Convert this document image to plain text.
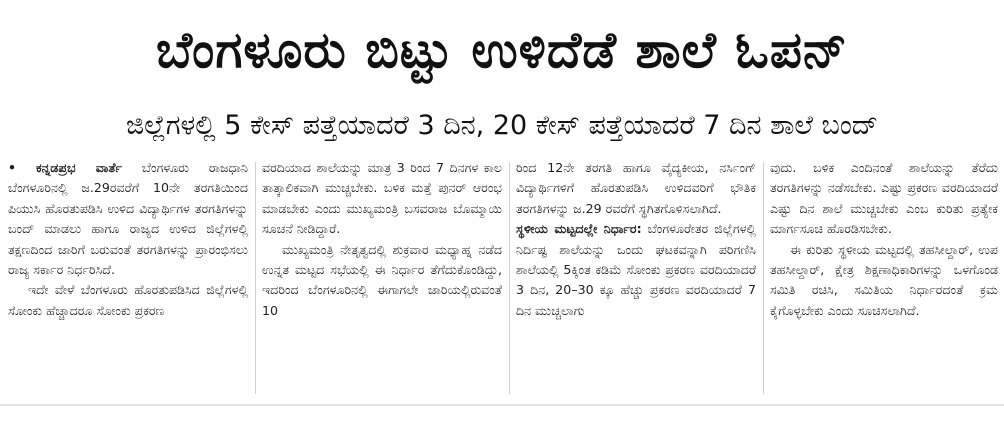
ಬೆಂಗಳೂರು ಬಿಟ್ಟು ಉಳಿದೆಡೆ ಶಾಲೆ ಓಪನ್
ಜಿಲ್ಲೆಗಳಲ್ಲಿ 5 ಕೇಸ್ ಪತ್ತೆಯಾದರೆ 3 ದಿನ, 20 ಕೇಸ್ ಪತ್ತೆಯಾದರೆ 7 ದಿನ ಶಾಲೆ ಬಂದ್

• ಕನ್ನಡಪ್ರಭ ವಾರ್ತೆ ಬೆಂಗಳೂರು ರಾಜಧಾನಿ ಬೆಂಗಳೂರಿನಲ್ಲಿ ಜ.29ರವರೆಗೆ 10ನೇ ತರಗತಿಯಿಂದ ಪಿಯುಸಿ ಹೊರತುಪಡಿಸಿ ಉಳಿದ ವಿದ್ಯಾರ್ಥಿಗಳ ತರಗತಿಗಳನ್ನು ಬಂದ್ ಮಾಡಲು ಹಾಗೂ ರಾಜ್ಯದ ಉಳಿದ ಜಿಲ್ಲೆಗಳಲ್ಲಿ ತಕ್ಷಣದಿಂದ ಜಾರಿಗೆ ಬರುವಂತೆ ತರಗತಿಗಳನ್ನು ಪ್ರಾರಂಭಿಸಲು ರಾಜ್ಯ ಸರ್ಕಾರ ನಿರ್ಧರಿಸಿದೆ.

ಇದೇ ವೇಳೆ ಬೆಂಗಳೂರು ಹೊರತುಪಡಿಸಿದ ಜಿಲ್ಲೆಗಳಲ್ಲಿ ಸೋಂಕು ಹೆಚ್ಚಾದರೂ ಸೋಂಕು ಪ್ರಕರಣ

ವರದಿಯಾದ ಶಾಲೆಯನ್ನು ಮಾತ್ರ 3 ರಿಂದ 7 ದಿನಗಳ ಕಾಲ ತಾತ್ಕಾಲಿಕವಾಗಿ ಮುಚ್ಚಬೇಕು. ಬಳಿಕ ಮತ್ತೆ ಪುನರ್ ಆರಂಭ ಮಾಡಬೇಕು ಎಂದು ಮುಖ್ಯಮಂತ್ರಿ ಬಸವರಾಜ ಬೊಮ್ಮಾಯಿ ಸೂಚನೆ ನೀಡಿದ್ದಾರೆ.

ಮುಖ್ಯಮಂತ್ರಿ ನೇತೃತ್ವದಲ್ಲಿ ಶುಕ್ರವಾರ ಮಧ್ಯಾಹ್ನ ನಡೆದ ಉನ್ನತ ಮಟ್ಟದ ಸಭೆಯಲ್ಲಿ ಈ ನಿರ್ಧಾರ ತೆಗೆದುಕೊಂಡಿದ್ದು, ಇದರಿಂದ ಬೆಂಗಳೂರಿನಲ್ಲಿ ಈಗಾಗಲೇ ಜಾರಿಯಲ್ಲಿರುವಂತೆ 10

ರಿಂದ 12ನೇ ತರಗತಿ ಹಾಗೂ ವೈದ್ಯಕೀಯ, ನರ್ಸಿಂಗ್ ವಿದ್ಯಾರ್ಥಿಗಳಿಗೆ ಹೊರತುಪಡಿಸಿ ಉಳಿದವರಿಗೆ ಭೌತಿಕ ತರಗತಿಗಳನ್ನು ಜ.29 ರವರೆಗೆ ಸ್ಥಗಿತಗೊಳಿಸಲಾಗಿದೆ.

ಸ್ಥಳೀಯ ಮಟ್ಟದಲ್ಲೇ ನಿರ್ಧಾರ: ಬೆಂಗಳೂರೇತರ ಜಿಲ್ಲೆಗಳಲ್ಲಿ ನಿರ್ದಿಷ್ಟ ಶಾಲೆಯನ್ನು ಒಂದು ಘಟಕವನ್ನಾಗಿ ಪರಿಗಣಿಸಿ ಶಾಲೆಯಲ್ಲಿ 5ಕ್ಕಿಂತ ಕಡಿಮೆ ಸೋಂಕು ಪ್ರಕರಣ ವರದಿಯಾದರೆ 3 ದಿನ, 20–30 ಕ್ಕೂ ಹೆಚ್ಚು ಪ್ರಕರಣ ವರದಿಯಾದರೆ 7 ದಿನ ಮುಚ್ಚಲಾಗು

ವುದು. ಬಳಿಕ ಎಂದಿನಂತೆ ಶಾಲೆಯನ್ನು ತೆರೆದು ತರಗತಿಗಳನ್ನು ನಡೆಸಬೇಕು. ಎಷ್ಟು ಪ್ರಕರಣ ವರದಿಯಾದರೆ ಎಷ್ಟು ದಿನ ಶಾಲೆ ಮುಚ್ಚಬೇಕು ಎಂಬ ಕುರಿತು ಪ್ರತ್ಯೇಕ ಮಾರ್ಗಸೂಚಿ ಹೊರಡಿಸಬೇಕು.

ಈ ಕುರಿತು ಸ್ಥಳೀಯ ಮಟ್ಟದಲ್ಲಿ ತಹಸೀಲ್ದಾರ್, ಉಪ ತಹಸೀಲ್ದಾರ್, ಕ್ಷೇತ್ರ ಶಿಕ್ಷಣಾಧಿಕಾರಿಗಳನ್ನು ಒಳಗೊಂಡ ಸಮಿತಿ ರಚಿಸಿ, ಸಮಿತಿಯ ನಿರ್ಧಾರದಂತೆ ಕ್ರಮ ಕೈಗೊಳ್ಳಬೇಕು ಎಂದು ಸೂಚಿಸಲಾಗಿದೆ.
